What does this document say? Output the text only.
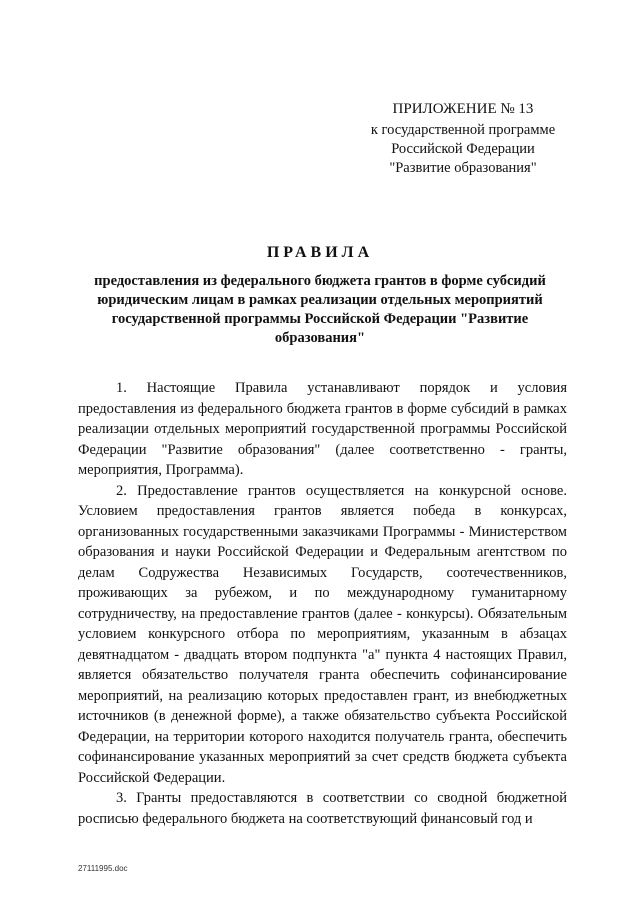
ПРИЛОЖЕНИЕ № 13
к государственной программе
Российской Федерации
"Развитие образования"
ПРАВИЛА
предоставления из федерального бюджета грантов в форме субсидий юридическим лицам в рамках реализации отдельных мероприятий государственной программы Российской Федерации "Развитие образования"

1. Настоящие Правила устанавливают порядок и условия предоставления из федерального бюджета грантов в форме субсидий в рамках реализации отдельных мероприятий государственной программы Российской Федерации "Развитие образования" (далее соответственно - гранты, мероприятия, Программа).

2. Предоставление грантов осуществляется на конкурсной основе. Условием предоставления грантов является победа в конкурсах, организованных государственными заказчиками Программы - Министерством образования и науки Российской Федерации и Федеральным агентством по делам Содружества Независимых Государств, соотечественников, проживающих за рубежом, и по международному гуманитарному сотрудничеству, на предоставление грантов (далее - конкурсы). Обязательным условием конкурсного отбора по мероприятиям, указанным в абзацах девятнадцатом - двадцать втором подпункта "а" пункта 4 настоящих Правил, является обязательство получателя гранта обеспечить софинансирование мероприятий, на реализацию которых предоставлен грант, из внебюджетных источников (в денежной форме), а также обязательство субъекта Российской Федерации, на территории которого находится получатель гранта, обеспечить софинансирование указанных мероприятий за счет средств бюджета субъекта Российской Федерации.

3. Гранты предоставляются в соответствии со сводной бюджетной росписью федерального бюджета на соответствующий финансовый год и

27111995.doc
